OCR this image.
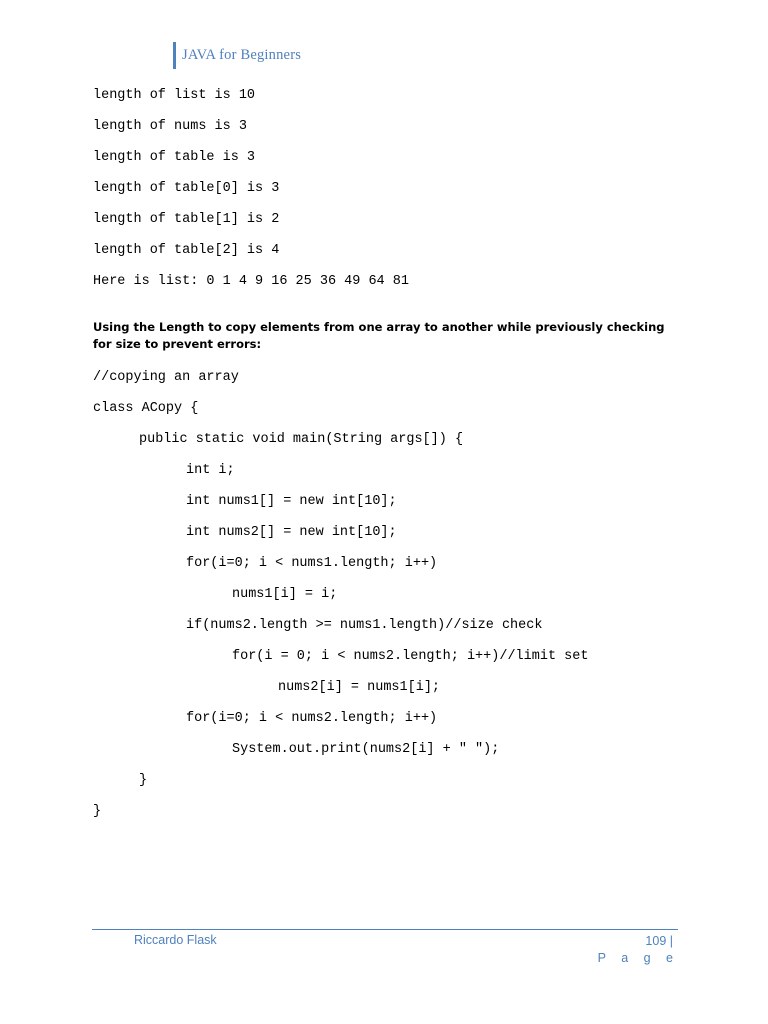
JAVA for Beginners
length of list is 10
length of nums is 3
length of table is 3
length of table[0] is 3
length of table[1] is 2
length of table[2] is 4
Here is list: 0 1 4 9 16 25 36 49 64 81
Using the Length to copy elements from one array to another while previously checking for size to prevent errors:
//copying an array
class ACopy {
public static void main(String args[]) {
int i;
int nums1[] = new int[10];
int nums2[] = new int[10];
for(i=0; i < nums1.length; i++)
nums1[i] = i;
if(nums2.length >= nums1.length)//size check
for(i = 0; i < nums2.length; i++)//limit set
nums2[i] = nums1[i];
for(i=0; i < nums2.length; i++)
System.out.print(nums2[i] + " ");
}
}
Riccardo Flask	109 |
P a g e
